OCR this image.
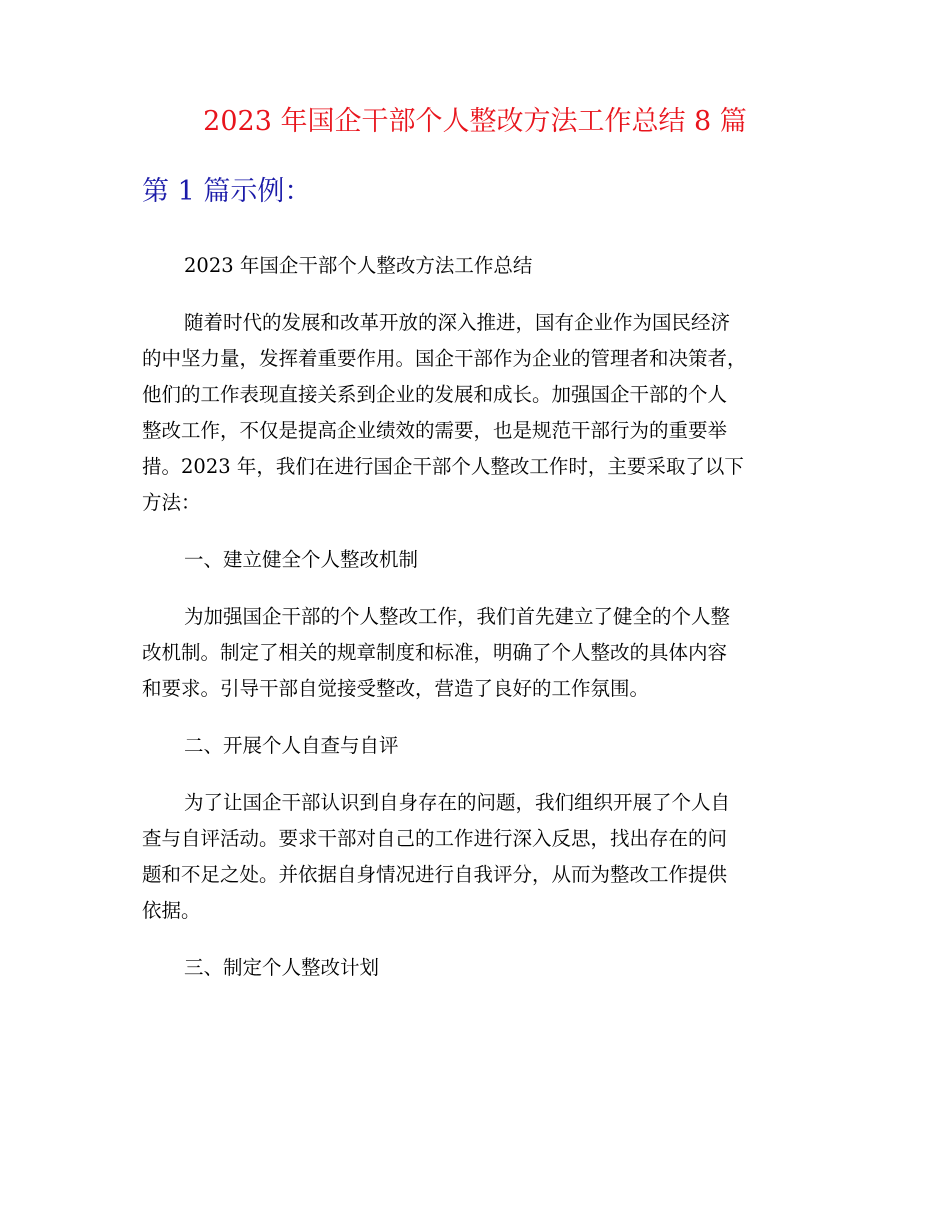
2023 年国企干部个人整改方法工作总结 8 篇
第 1 篇示例：

2023 年国企干部个人整改方法工作总结

随着时代的发展和改革开放的深入推进，国有企业作为国民经济
的中坚力量，发挥着重要作用。国企干部作为企业的管理者和决策者，
他们的工作表现直接关系到企业的发展和成长。加强国企干部的个人
整改工作，不仅是提高企业绩效的需要，也是规范干部行为的重要举
措。2023 年，我们在进行国企干部个人整改工作时，主要采取了以下
方法：

一、建立健全个人整改机制

为加强国企干部的个人整改工作，我们首先建立了健全的个人整
改机制。制定了相关的规章制度和标准，明确了个人整改的具体内容
和要求。引导干部自觉接受整改，营造了良好的工作氛围。

二、开展个人自查与自评

为了让国企干部认识到自身存在的问题，我们组织开展了个人自
查与自评活动。要求干部对自己的工作进行深入反思，找出存在的问
题和不足之处。并依据自身情况进行自我评分，从而为整改工作提供
依据。

三、制定个人整改计划
